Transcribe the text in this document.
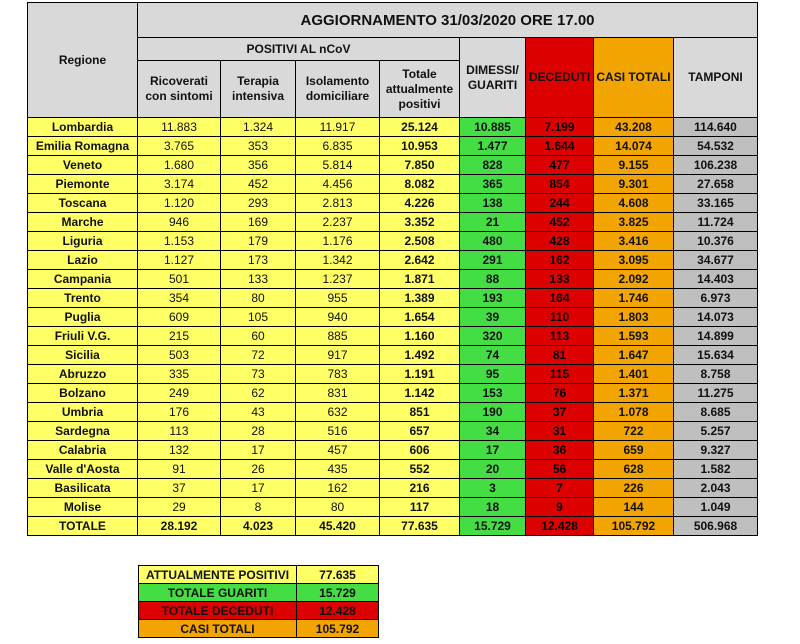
Regione	AGGIORNAMENTO 31/03/2020 ORE 17.00							
	POSITIVI AL nCoV				DIMESSI/ GUARITI	DECEDUTI	CASI TOTALI	TAMPONI
	Ricoverati con sintomi	Terapia intensiva	Isolamento domiciliare	Totale attualmente positivi				
Lombardia	11.883	1.324	11.917	25.124	10.885	7.199	43.208	114.640
Emilia Romagna	3.765	353	6.835	10.953	1.477	1.644	14.074	54.532
Veneto	1.680	356	5.814	7.850	828	477	9.155	106.238
Piemonte	3.174	452	4.456	8.082	365	854	9.301	27.658
Toscana	1.120	293	2.813	4.226	138	244	4.608	33.165
Marche	946	169	2.237	3.352	21	452	3.825	11.724
Liguria	1.153	179	1.176	2.508	480	428	3.416	10.376
Lazio	1.127	173	1.342	2.642	291	162	3.095	34.677
Campania	501	133	1.237	1.871	88	133	2.092	14.403
Trento	354	80	955	1.389	193	164	1.746	6.973
Puglia	609	105	940	1.654	39	110	1.803	14.073
Friuli V.G.	215	60	885	1.160	320	113	1.593	14.899
Sicilia	503	72	917	1.492	74	81	1.647	15.634
Abruzzo	335	73	783	1.191	95	115	1.401	8.758
Bolzano	249	62	831	1.142	153	76	1.371	11.275
Umbria	176	43	632	851	190	37	1.078	8.685
Sardegna	113	28	516	657	34	31	722	5.257
Calabria	132	17	457	606	17	36	659	9.327
Valle d'Aosta	91	26	435	552	20	56	628	1.582
Basilicata	37	17	162	216	3	7	226	2.043
Molise	29	8	80	117	18	9	144	1.049
TOTALE	28.192	4.023	45.420	77.635	15.729	12.428	105.792	506.968
ATTUALMENTE POSITIVI	77.635
TOTALE GUARITI	15.729
TOTALE DECEDUTI	12.428
CASI TOTALI	105.792
